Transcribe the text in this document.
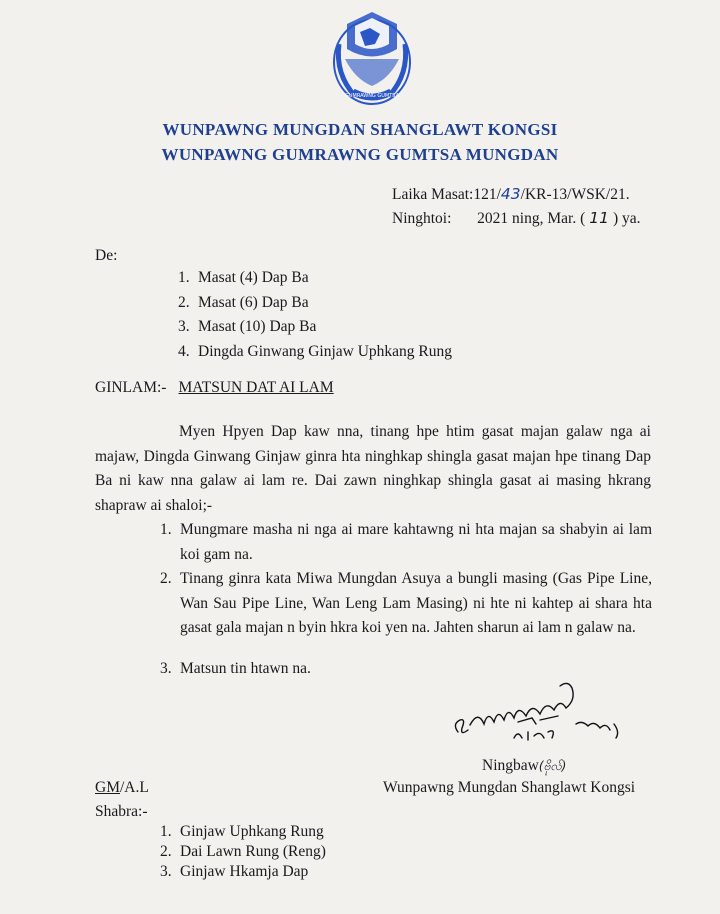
GUMRAWNG GUMTSA
WUNPAWNG MUNGDAN SHANGLAWT KONGSI
WUNPAWNG GUMRAWNG GUMTSA MUNGDAN
Laika Masat:121/43/KR-13/WSK/21.
Ninghtoi: 2021 ning, Mar. ( 11 ) ya.
De:
1. Masat (4) Dap Ba
2. Masat (6) Dap Ba
3. Masat (10) Dap Ba
4. Dingda Ginwang Ginjaw Uphkang Rung
GINLAM:- MATSUN DAT AI LAM
Myen Hpyen Dap kaw nna, tinang hpe htim gasat majan galaw nga ai majaw, Dingda Ginwang Ginjaw ginra hta ninghkap shingla gasat majan hpe tinang Dap Ba ni kaw nna galaw ai lam re. Dai zawn ninghkap shingla gasat ai masing hkrang shapraw ai shaloi;-
1. Mungmare masha ni nga ai mare kahtawng ni hta majan sa shabyin ai lam koi gam na.
2. Tinang ginra kata Miwa Mungdan Asuya a bungli masing (Gas Pipe Line, Wan Sau Pipe Line, Wan Leng Lam Masing) ni hte ni kahtep ai shara hta gasat gala majan n byin hkra koi yen na. Jahten sharun ai lam n galaw na.
3. Matsun tin htawn na.
Ningbaw(ဗိုလ်)
Wunpawng Mungdan Shanglawt Kongsi
GM/A.L
Shabra:-
1. Ginjaw Uphkang Rung
2. Dai Lawn Rung (Reng)
3. Ginjaw Hkamja Dap
